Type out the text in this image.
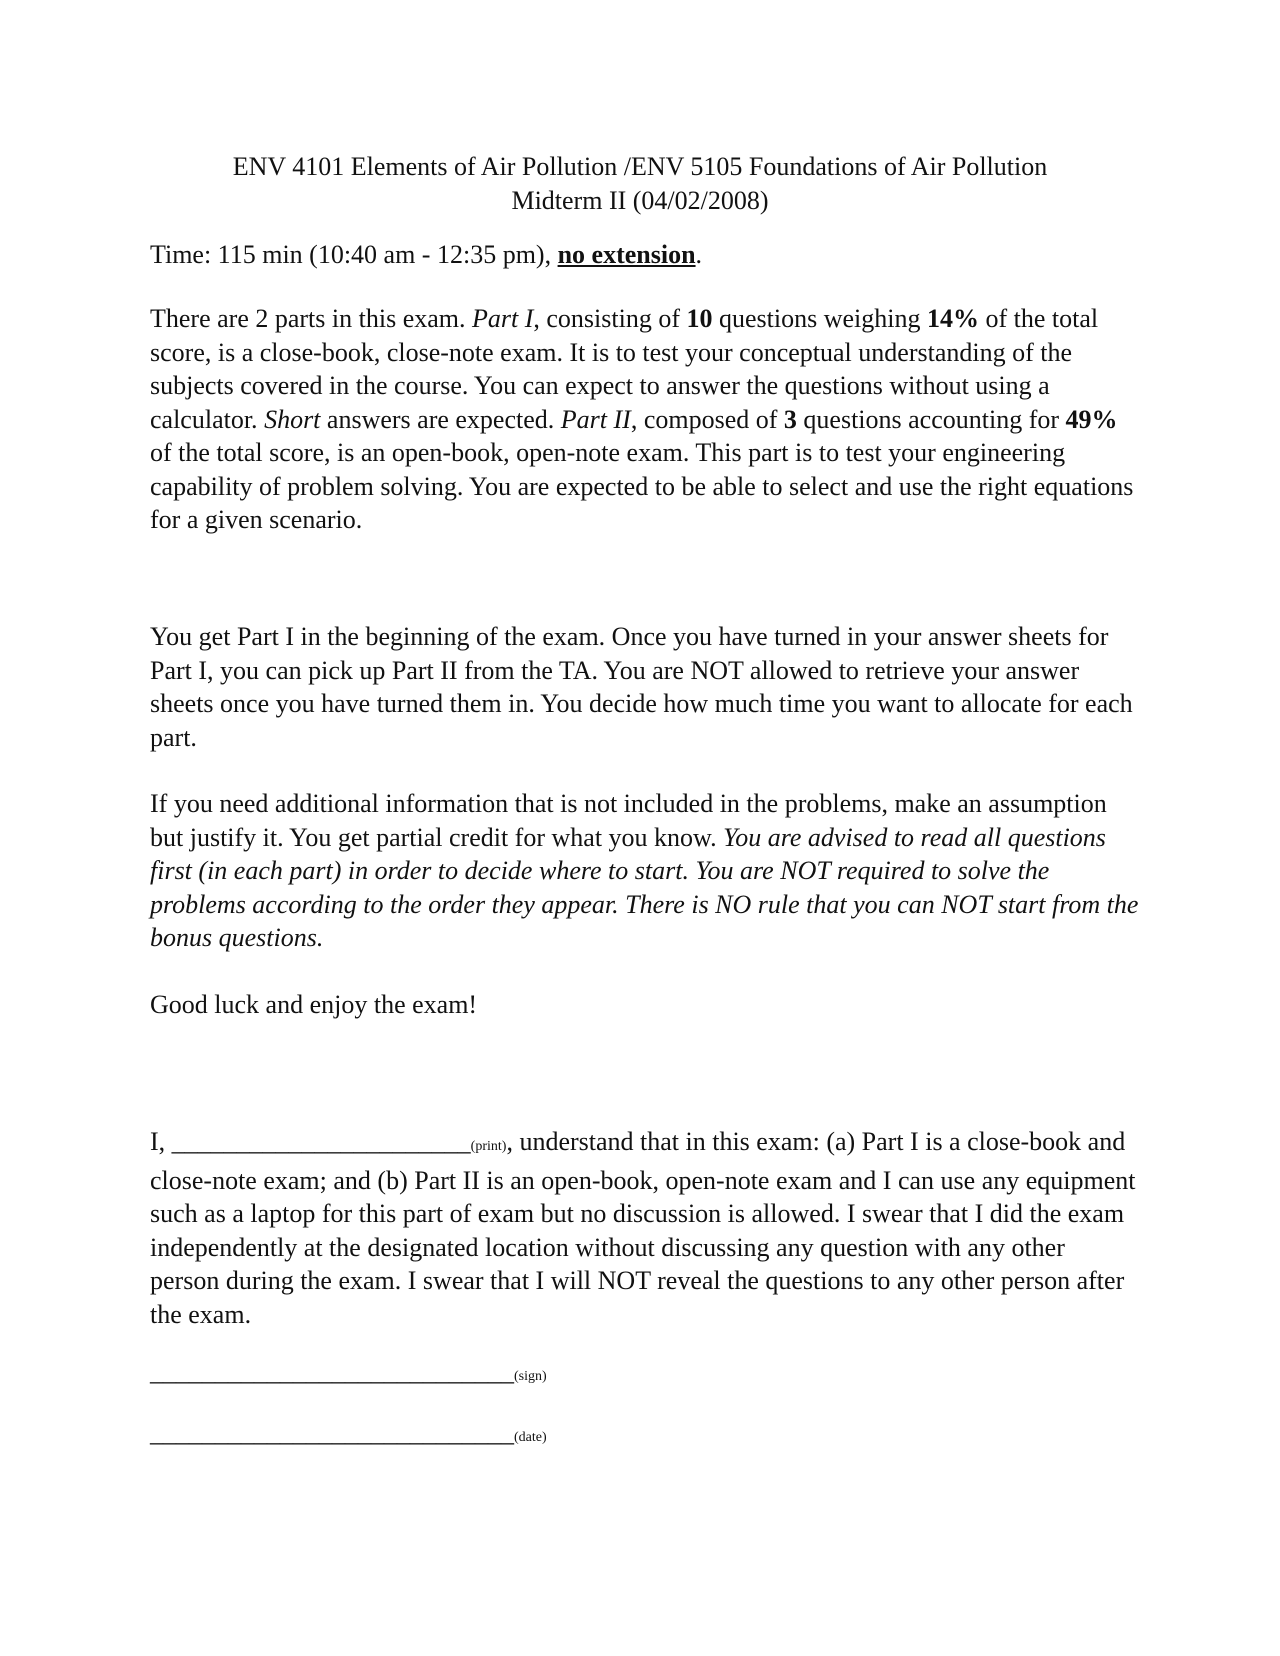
ENV 4101 Elements of Air Pollution /ENV 5105 Foundations of Air Pollution
Midterm II (04/02/2008)

Time: 115 min (10:40 am - 12:35 pm), no extension.

There are 2 parts in this exam. Part I, consisting of 10 questions weighing 14% of the total score, is a close-book, close-note exam. It is to test your conceptual understanding of the subjects covered in the course. You can expect to answer the questions without using a calculator. Short answers are expected. Part II, composed of 3 questions accounting for 49% of the total score, is an open-book, open-note exam. This part is to test your engineering capability of problem solving. You are expected to be able to select and use the right equations for a given scenario.

You get Part I in the beginning of the exam. Once you have turned in your answer sheets for Part I, you can pick up Part II from the TA. You are NOT allowed to retrieve your answer sheets once you have turned them in. You decide how much time you want to allocate for each part.

If you need additional information that is not included in the problems, make an assumption but justify it. You get partial credit for what you know. You are advised to read all questions first (in each part) in order to decide where to start. You are NOT required to solve the problems according to the order they appear. There is NO rule that you can NOT start from the bonus questions.

Good luck and enjoy the exam!

I, _______________________(print), understand that in this exam: (a) Part I is a close-book and close-note exam; and (b) Part II is an open-book, open-note exam and I can use any equipment such as a laptop for this part of exam but no discussion is allowed. I swear that I did the exam independently at the designated location without discussing any question with any other person during the exam. I swear that I will NOT reveal the questions to any other person after the exam.

____________________________(sign)

____________________________(date)
